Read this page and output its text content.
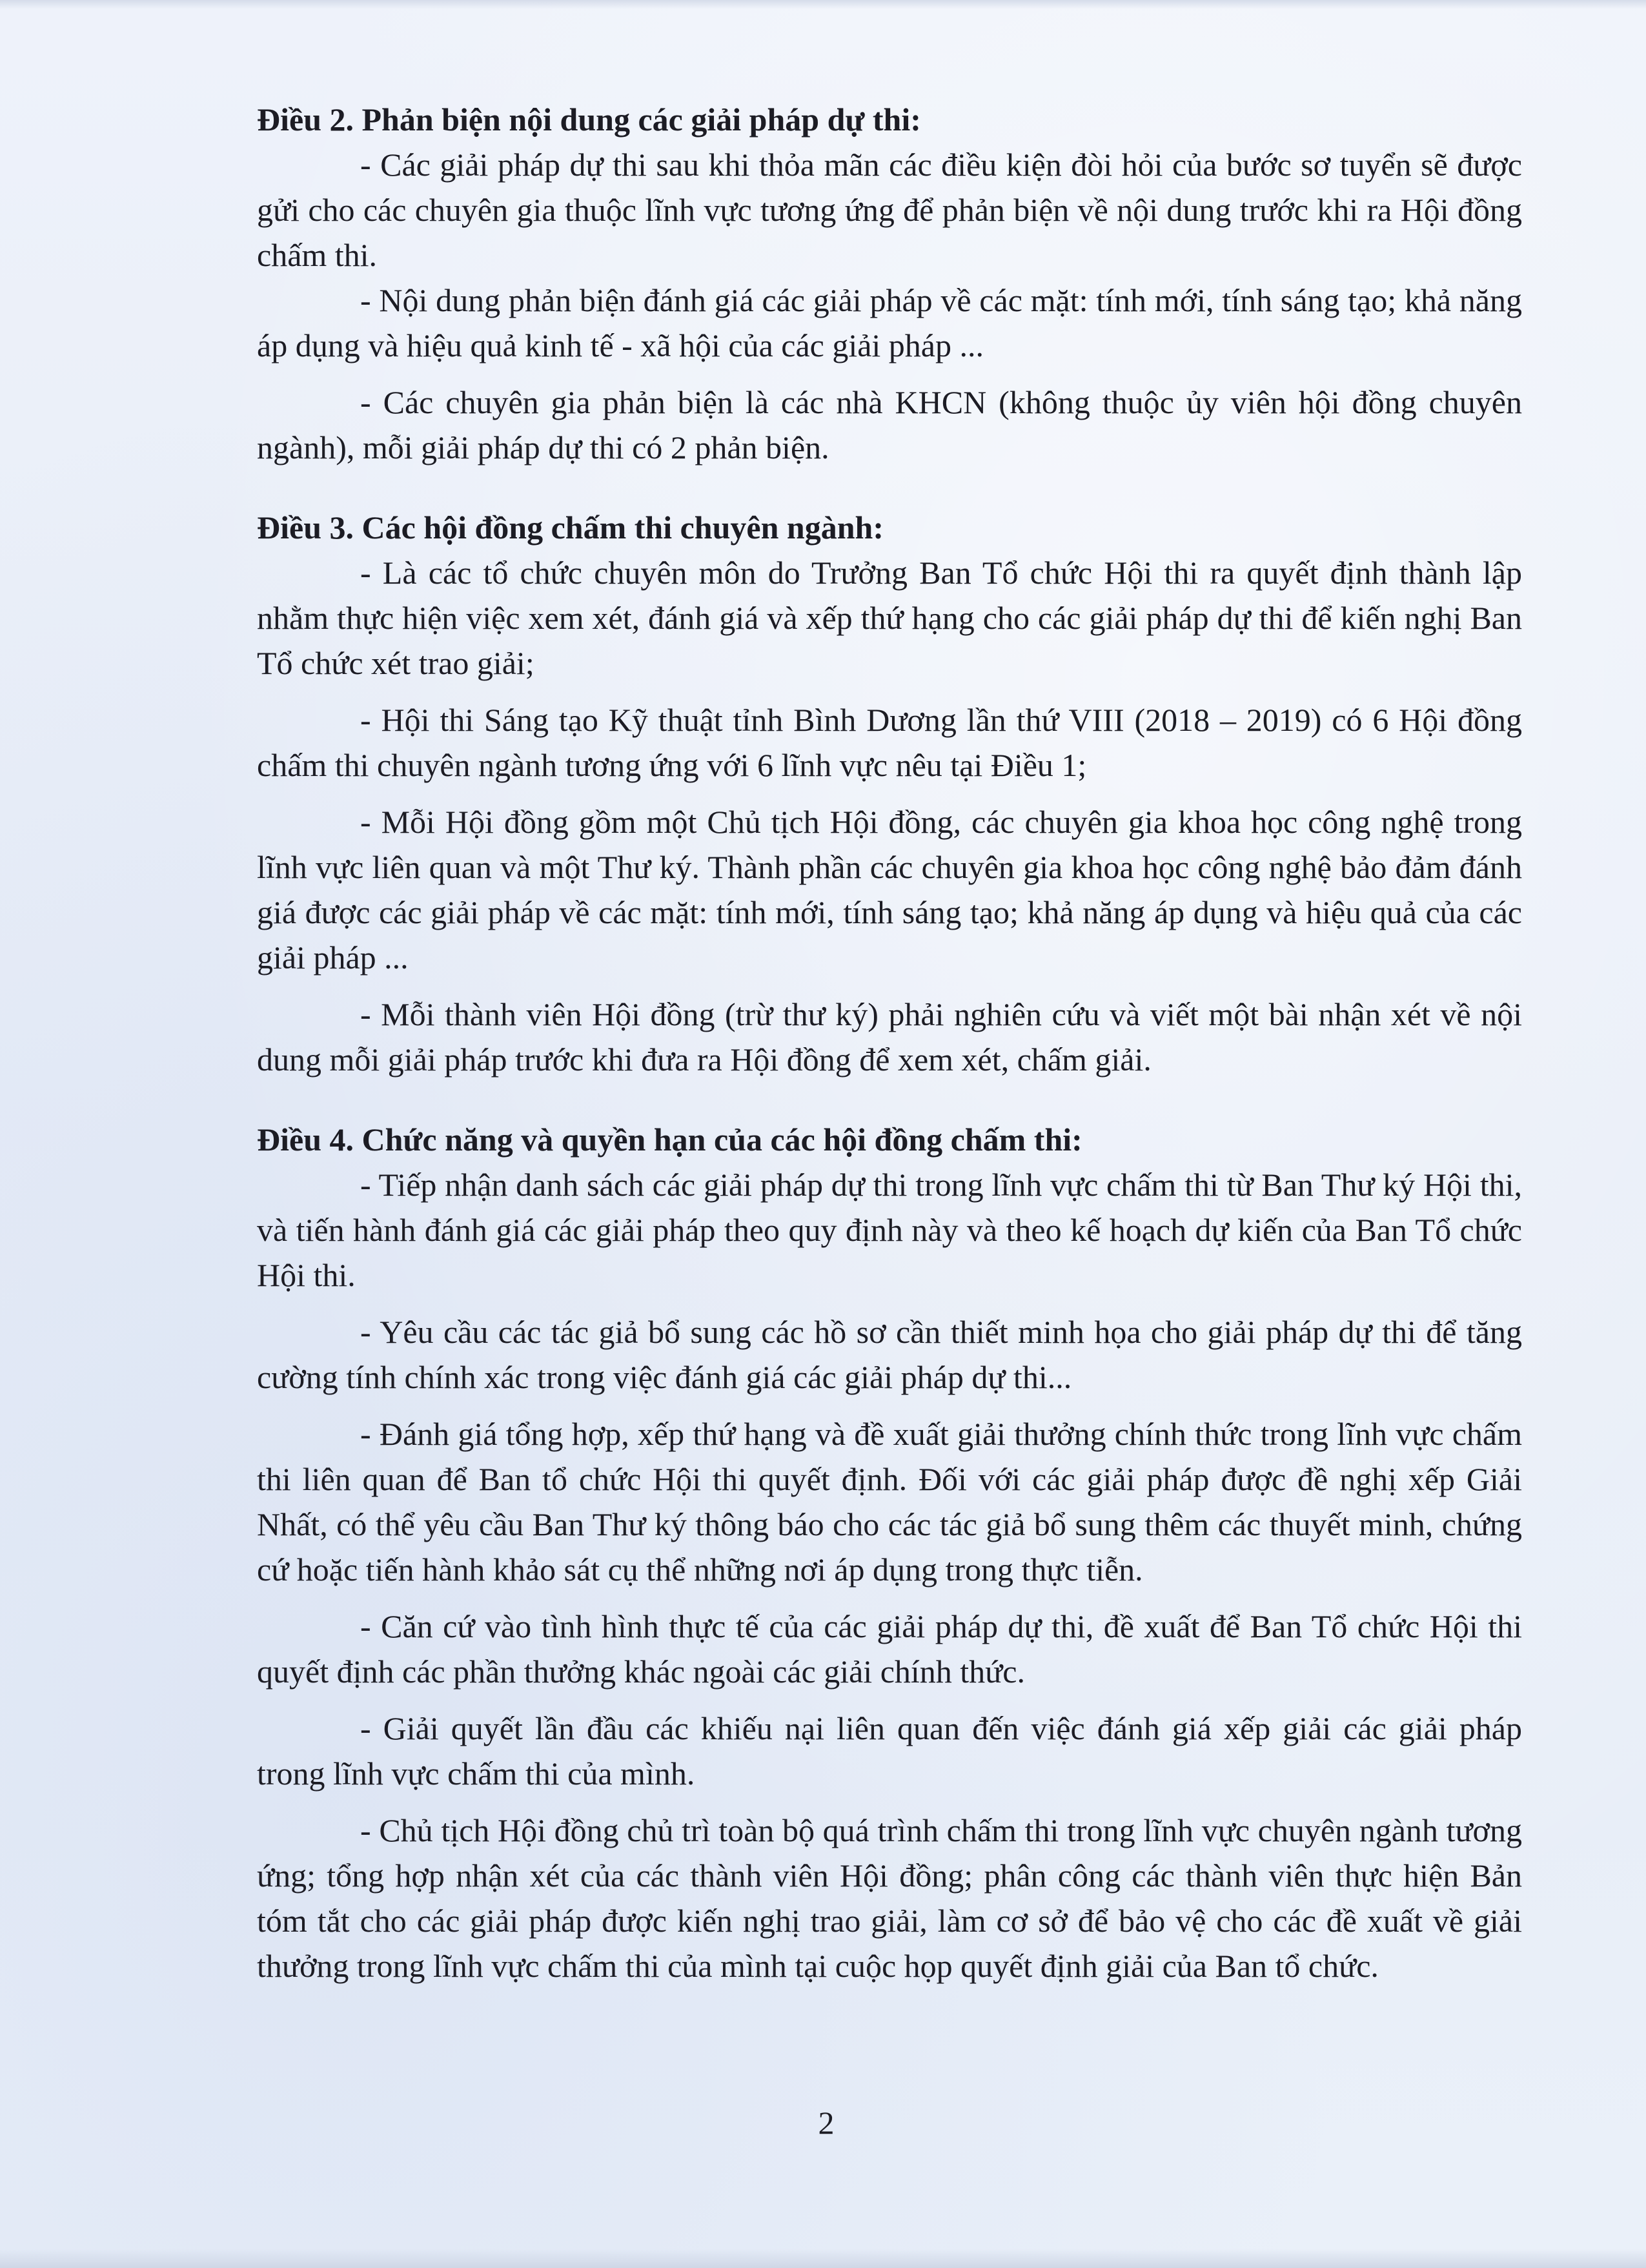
Điều 2. Phản biện nội dung các giải pháp dự thi:

- Các giải pháp dự thi sau khi thỏa mãn các điều kiện đòi hỏi của bước sơ tuyển sẽ được gửi cho các chuyên gia thuộc lĩnh vực tương ứng để phản biện về nội dung trước khi ra Hội đồng chấm thi.

- Nội dung phản biện đánh giá các giải pháp về các mặt: tính mới, tính sáng tạo; khả năng áp dụng và hiệu quả kinh tế - xã hội của các giải pháp ...

- Các chuyên gia phản biện là các nhà KHCN (không thuộc ủy viên hội đồng chuyên ngành), mỗi giải pháp dự thi có 2 phản biện.

Điều 3. Các hội đồng chấm thi chuyên ngành:

- Là các tổ chức chuyên môn do Trưởng Ban Tổ chức Hội thi ra quyết định thành lập nhằm thực hiện việc xem xét, đánh giá và xếp thứ hạng cho các giải pháp dự thi để kiến nghị Ban Tổ chức xét trao giải;

- Hội thi Sáng tạo Kỹ thuật tỉnh Bình Dương lần thứ VIII (2018 – 2019) có 6 Hội đồng chấm thi chuyên ngành tương ứng với 6 lĩnh vực nêu tại Điều 1;

- Mỗi Hội đồng gồm một Chủ tịch Hội đồng, các chuyên gia khoa học công nghệ trong lĩnh vực liên quan và một Thư ký. Thành phần các chuyên gia khoa học công nghệ bảo đảm đánh giá được các giải pháp về các mặt: tính mới, tính sáng tạo; khả năng áp dụng và hiệu quả của các giải pháp ...

- Mỗi thành viên Hội đồng (trừ thư ký) phải nghiên cứu và viết một bài nhận xét về nội dung mỗi giải pháp trước khi đưa ra Hội đồng để xem xét, chấm giải.

Điều 4. Chức năng và quyền hạn của các hội đồng chấm thi:

- Tiếp nhận danh sách các giải pháp dự thi trong lĩnh vực chấm thi từ Ban Thư ký Hội thi, và tiến hành đánh giá các giải pháp theo quy định này và theo kế hoạch dự kiến của Ban Tổ chức Hội thi.

- Yêu cầu các tác giả bổ sung các hồ sơ cần thiết minh họa cho giải pháp dự thi để tăng cường tính chính xác trong việc đánh giá các giải pháp dự thi...

- Đánh giá tổng hợp, xếp thứ hạng và đề xuất giải thưởng chính thức trong lĩnh vực chấm thi liên quan để Ban tổ chức Hội thi quyết định. Đối với các giải pháp được đề nghị xếp Giải Nhất, có thể yêu cầu Ban Thư ký thông báo cho các tác giả bổ sung thêm các thuyết minh, chứng cứ hoặc tiến hành khảo sát cụ thể những nơi áp dụng trong thực tiễn.

- Căn cứ vào tình hình thực tế của các giải pháp dự thi, đề xuất để Ban Tổ chức Hội thi quyết định các phần thưởng khác ngoài các giải chính thức.

- Giải quyết lần đầu các khiếu nại liên quan đến việc đánh giá xếp giải các giải pháp trong lĩnh vực chấm thi của mình.

- Chủ tịch Hội đồng chủ trì toàn bộ quá trình chấm thi trong lĩnh vực chuyên ngành tương ứng; tổng hợp nhận xét của các thành viên Hội đồng; phân công các thành viên thực hiện Bản tóm tắt cho các giải pháp được kiến nghị trao giải, làm cơ sở để bảo vệ cho các đề xuất về giải thưởng trong lĩnh vực chấm thi của mình tại cuộc họp quyết định giải của Ban tổ chức.

2
